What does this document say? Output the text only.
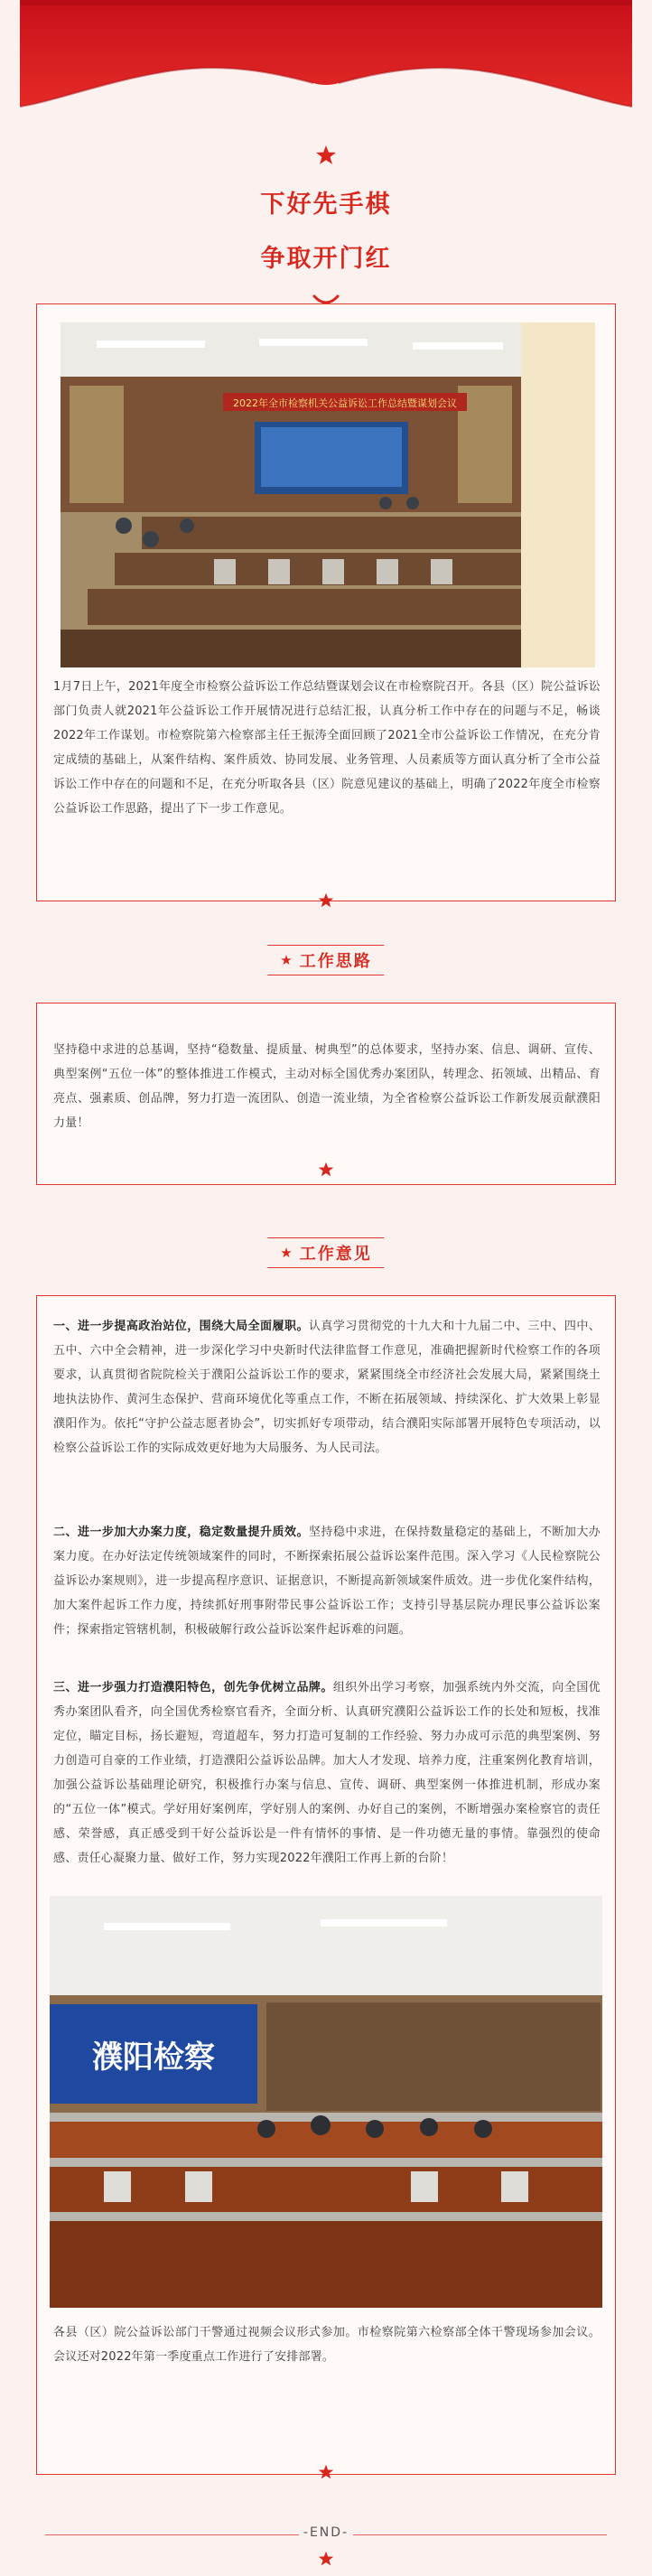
下好先手棋
争取开门红
2022年全市检察机关公益诉讼工作总结暨谋划会议

1月7日上午，2021年度全市检察公益诉讼工作总结暨谋划会议在市检察院召开。各县（区）院公益诉讼部门负责人就2021年公益诉讼工作开展情况进行总结汇报，认真分析工作中存在的问题与不足，畅谈2022年工作谋划。市检察院第六检察部主任王振涛全面回顾了2021全市公益诉讼工作情况，在充分肯定成绩的基础上，从案件结构、案件质效、协同发展、业务管理、人员素质等方面认真分析了全市公益诉讼工作中存在的问题和不足，在充分听取各县（区）院意见建议的基础上，明确了2022年度全市检察公益诉讼工作思路，提出了下一步工作意见。

★ 工作思路

坚持稳中求进的总基调，坚持“稳数量、提质量、树典型”的总体要求，坚持办案、信息、调研、宣传、典型案例“五位一体”的整体推进工作模式，主动对标全国优秀办案团队，转理念、拓领域、出精品、育亮点、强素质、创品牌，努力打造一流团队、创造一流业绩，为全省检察公益诉讼工作新发展贡献濮阳力量！

★ 工作意见

一、进一步提高政治站位，围绕大局全面履职。认真学习贯彻党的十九大和十九届二中、三中、四中、五中、六中全会精神，进一步深化学习中央新时代法律监督工作意见，准确把握新时代检察工作的各项要求，认真贯彻省院院检关于濮阳公益诉讼工作的要求，紧紧围绕全市经济社会发展大局，紧紧围绕土地执法协作、黄河生态保护、营商环境优化等重点工作，不断在拓展领域、持续深化、扩大效果上彰显濮阳作为。依托“守护公益志愿者协会”，切实抓好专项带动，结合濮阳实际部署开展特色专项活动，以检察公益诉讼工作的实际成效更好地为大局服务、为人民司法。

二、进一步加大办案力度，稳定数量提升质效。坚持稳中求进，在保持数量稳定的基础上，不断加大办案力度。在办好法定传统领域案件的同时，不断探索拓展公益诉讼案件范围。深入学习《人民检察院公益诉讼办案规则》，进一步提高程序意识、证据意识，不断提高新领域案件质效。进一步优化案件结构，加大案件起诉工作力度，持续抓好刑事附带民事公益诉讼工作；支持引导基层院办理民事公益诉讼案件；探索指定管辖机制，积极破解行政公益诉讼案件起诉难的问题。

三、进一步强力打造濮阳特色，创先争优树立品牌。组织外出学习考察，加强系统内外交流，向全国优秀办案团队看齐，向全国优秀检察官看齐，全面分析、认真研究濮阳公益诉讼工作的长处和短板，找准定位，瞄定目标，扬长避短，弯道超车，努力打造可复制的工作经验、努力办成可示范的典型案例、努力创造可自豪的工作业绩，打造濮阳公益诉讼品牌。加大人才发现、培养力度，注重案例化教育培训，加强公益诉讼基础理论研究，积极推行办案与信息、宣传、调研、典型案例一体推进机制，形成办案的“五位一体”模式。学好用好案例库，学好别人的案例、办好自己的案例，不断增强办案检察官的责任感、荣誉感，真正感受到干好公益诉讼是一件有情怀的事情、是一件功德无量的事情。靠强烈的使命感、责任心凝聚力量、做好工作，努力实现2022年濮阳工作再上新的台阶！

濮阳检察

各县（区）院公益诉讼部门干警通过视频会议形式参加。市检察院第六检察部全体干警现场参加会议。会议还对2022年第一季度重点工作进行了安排部署。

-END-
